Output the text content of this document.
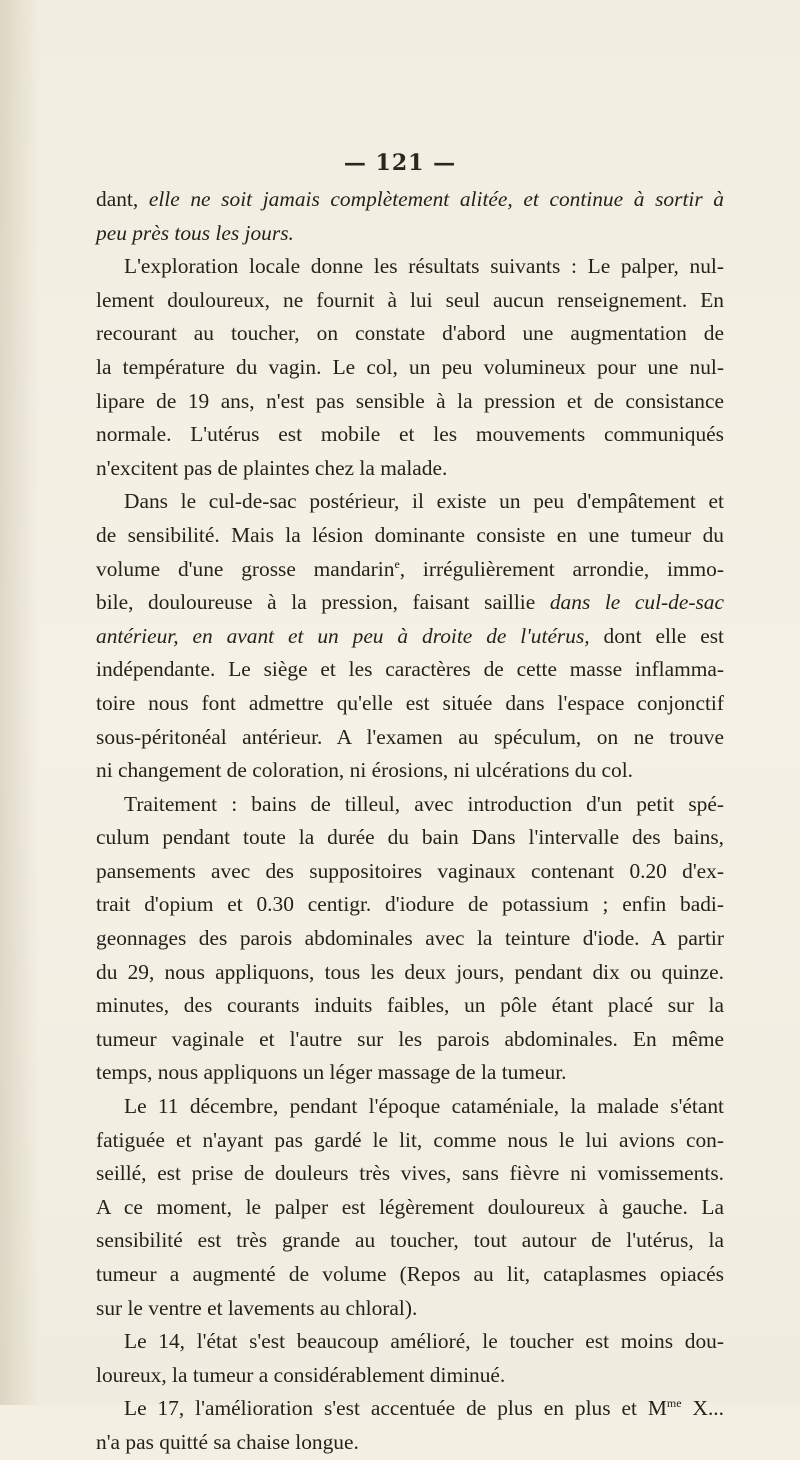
— 121 —
dant, elle ne soit jamais complètement alitée, et continue à sortir à
peu près tous les jours.
L'exploration locale donne les résultats suivants : Le palper, nul-
lement douloureux, ne fournit à lui seul aucun renseignement. En
recourant au toucher, on constate d'abord une augmentation de
la température du vagin. Le col, un peu volumineux pour une nul-
lipare de 19 ans, n'est pas sensible à la pression et de consistance
normale. L'utérus est mobile et les mouvements communiqués
n'excitent pas de plaintes chez la malade.
Dans le cul-de-sac postérieur, il existe un peu d'empâtement et
de sensibilité. Mais la lésion dominante consiste en une tumeur du
volume d'une grosse mandarin$^e$, irrégulièrement arrondie, immo-
bile, douloureuse à la pression, faisant saillie dans le cul-de-sac
antérieur, en avant et un peu à droite de l'utérus, dont elle est
indépendante. Le siège et les caractères de cette masse inflamma-
toire nous font admettre qu'elle est située dans l'espace conjonctif
sous-péritonéal antérieur. A l'examen au spéculum, on ne trouve
ni changement de coloration, ni érosions, ni ulcérations du col.
Traitement : bains de tilleul, avec introduction d'un petit spé-
culum pendant toute la durée du bain Dans l'intervalle des bains,
pansements avec des suppositoires vaginaux contenant 0.20 d'ex-
trait d'opium et 0.30 centigr. d'iodure de potassium ; enfin badi-
geonnages des parois abdominales avec la teinture d'iode. A partir
du 29, nous appliquons, tous les deux jours, pendant dix ou quinze.
minutes, des courants induits faibles, un pôle étant placé sur la
tumeur vaginale et l'autre sur les parois abdominales. En même
temps, nous appliquons un léger massage de la tumeur.
Le 11 décembre, pendant l'époque cataméniale, la malade s'étant
fatiguée et n'ayant pas gardé le lit, comme nous le lui avions con-
seillé, est prise de douleurs très vives, sans fièvre ni vomissements.
A ce moment, le palper est légèrement douloureux à gauche. La
sensibilité est très grande au toucher, tout autour de l'utérus, la
tumeur a augmenté de volume (Repos au lit, cataplasmes opiacés
sur le ventre et lavements au chloral).
Le 14, l'état s'est beaucoup amélioré, le toucher est moins dou-
loureux, la tumeur a considérablement diminué.
Le 17, l'amélioration s'est accentuée de plus en plus et $M^{me}$ X...
n'a pas quitté sa chaise longue.
